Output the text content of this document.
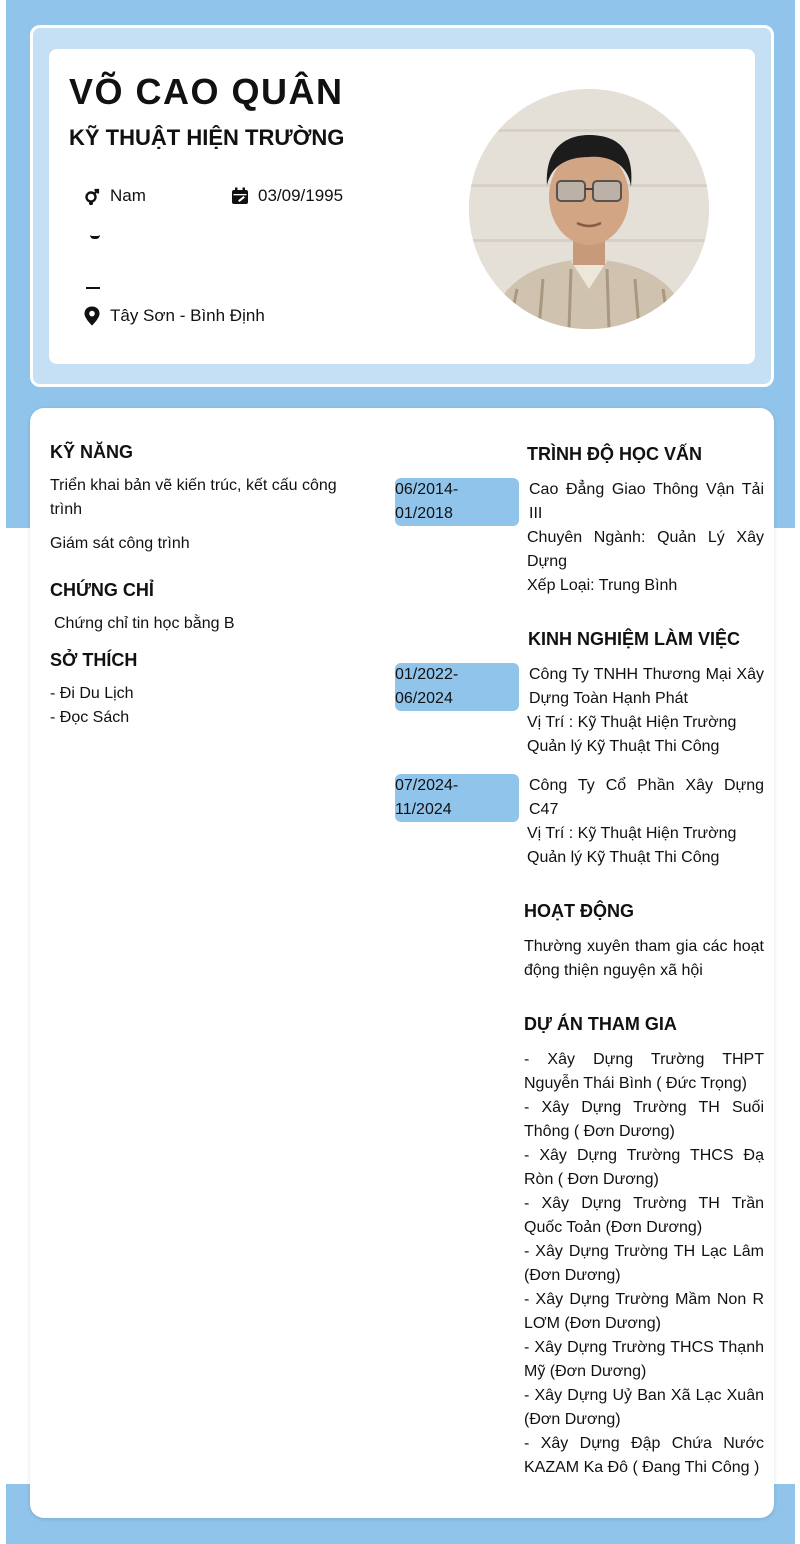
VÕ CAO QUÂN
KỸ THUẬT HIỆN TRƯỜNG
Nam	03/09/1995
Tây Sơn - Bình Định
KỸ NĂNG
Triển khai bản vẽ kiến trúc, kết cấu công trình
Giám sát công trình
CHỨNG CHỈ
Chứng chỉ tin học bằng B
SỞ THÍCH
- Đi Du Lịch
- Đọc Sách
TRÌNH ĐỘ HỌC VẤN
06/2014-
01/2018
Cao Đẳng Giao Thông Vận Tải III
Chuyên Ngành: Quản Lý Xây Dựng
Xếp Loại: Trung Bình
KINH NGHIỆM LÀM VIỆC
01/2022-
06/2024
Công Ty TNHH Thương Mại Xây Dựng Toàn Hạnh Phát
Vị Trí : Kỹ Thuật Hiện Trường
Quản lý Kỹ Thuật Thi Công
07/2024-
11/2024
Công Ty Cổ Phần Xây Dựng C47
Vị Trí : Kỹ Thuật Hiện Trường
Quản lý Kỹ Thuật Thi Công
HOẠT ĐỘNG
Thường xuyên tham gia các hoạt động thiện nguyện xã hội
DỰ ÁN THAM GIA
- Xây Dựng Trường THPT Nguyễn Thái Bình ( Đức Trọng)
- Xây Dựng Trường TH Suối Thông ( Đơn Dương)
- Xây Dựng Trường THCS Đạ Ròn ( Đơn Dương)
- Xây Dựng Trường TH Trần Quốc Toản (Đơn Dương)
- Xây Dựng Trường TH Lạc Lâm (Đơn Dương)
- Xây Dựng Trường Mầm Non R LƠM (Đơn Dương)
- Xây Dựng Trường THCS Thạnh Mỹ (Đơn Dương)
- Xây Dựng Uỷ Ban Xã Lạc Xuân (Đơn Dương)
- Xây Dựng Đập Chứa Nước KAZAM Ka Đô ( Đang Thi Công )
